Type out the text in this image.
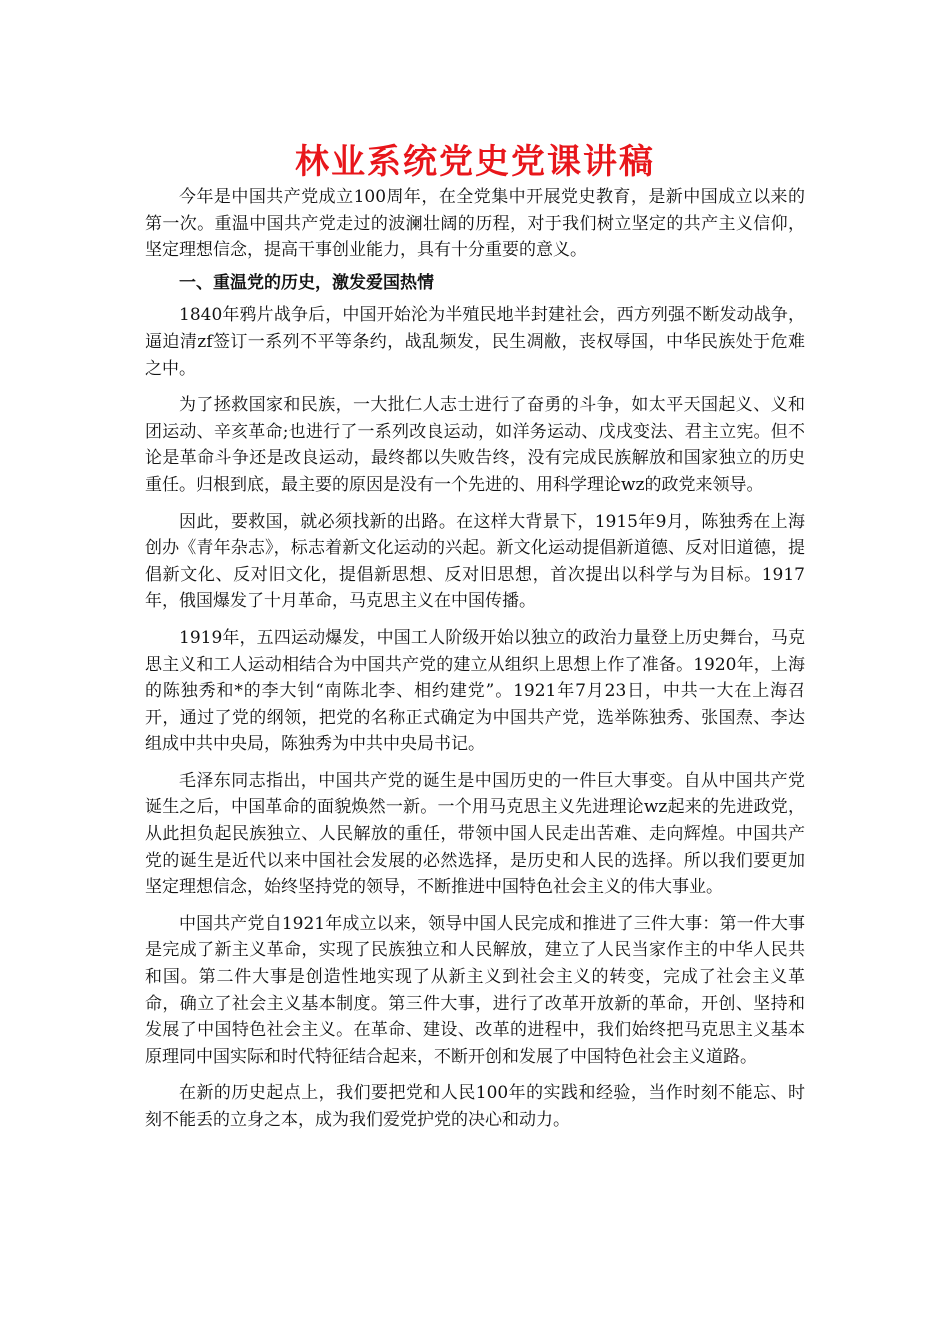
林业系统党史党课讲稿

今年是中国共产党成立100周年，在全党集中开展党史教育，是新中国成立以来的第一次。重温中国共产党走过的波澜壮阔的历程，对于我们树立坚定的共产主义信仰，坚定理想信念，提高干事创业能力，具有十分重要的意义。

一、重温党的历史，激发爱国热情

1840年鸦片战争后，中国开始沦为半殖民地半封建社会，西方列强不断发动战争，逼迫清zf签订一系列不平等条约，战乱频发，民生凋敝，丧权辱国，中华民族处于危难之中。

为了拯救国家和民族，一大批仁人志士进行了奋勇的斗争，如太平天国起义、义和团运动、辛亥革命;也进行了一系列改良运动，如洋务运动、戊戌变法、君主立宪。但不论是革命斗争还是改良运动，最终都以失败告终，没有完成民族解放和国家独立的历史重任。归根到底，最主要的原因是没有一个先进的、用科学理论wz的政党来领导。

因此，要救国，就必须找新的出路。在这样大背景下，1915年9月，陈独秀在上海创办《青年杂志》，标志着新文化运动的兴起。新文化运动提倡新道德、反对旧道德，提倡新文化、反对旧文化，提倡新思想、反对旧思想，首次提出以科学与为目标。1917年，俄国爆发了十月革命，马克思主义在中国传播。

1919年，五四运动爆发，中国工人阶级开始以独立的政治力量登上历史舞台，马克思主义和工人运动相结合为中国共产党的建立从组织上思想上作了准备。1920年，上海的陈独秀和*的李大钊“南陈北李、相约建党”。1921年7月23日，中共一大在上海召开，通过了党的纲领，把党的名称正式确定为中国共产党，选举陈独秀、张国焘、李达组成中共中央局，陈独秀为中共中央局书记。

毛泽东同志指出，中国共产党的诞生是中国历史的一件巨大事变。自从中国共产党诞生之后，中国革命的面貌焕然一新。一个用马克思主义先进理论wz起来的先进政党，从此担负起民族独立、人民解放的重任，带领中国人民走出苦难、走向辉煌。中国共产党的诞生是近代以来中国社会发展的必然选择，是历史和人民的选择。所以我们要更加坚定理想信念，始终坚持党的领导，不断推进中国特色社会主义的伟大事业。

中国共产党自1921年成立以来，领导中国人民完成和推进了三件大事：第一件大事是完成了新主义革命，实现了民族独立和人民解放，建立了人民当家作主的中华人民共和国。第二件大事是创造性地实现了从新主义到社会主义的转变，完成了社会主义革命，确立了社会主义基本制度。第三件大事，进行了改革开放新的革命，开创、坚持和发展了中国特色社会主义。在革命、建设、改革的进程中，我们始终把马克思主义基本原理同中国实际和时代特征结合起来，不断开创和发展了中国特色社会主义道路。

在新的历史起点上，我们要把党和人民100年的实践和经验，当作时刻不能忘、时刻不能丢的立身之本，成为我们爱党护党的决心和动力。
